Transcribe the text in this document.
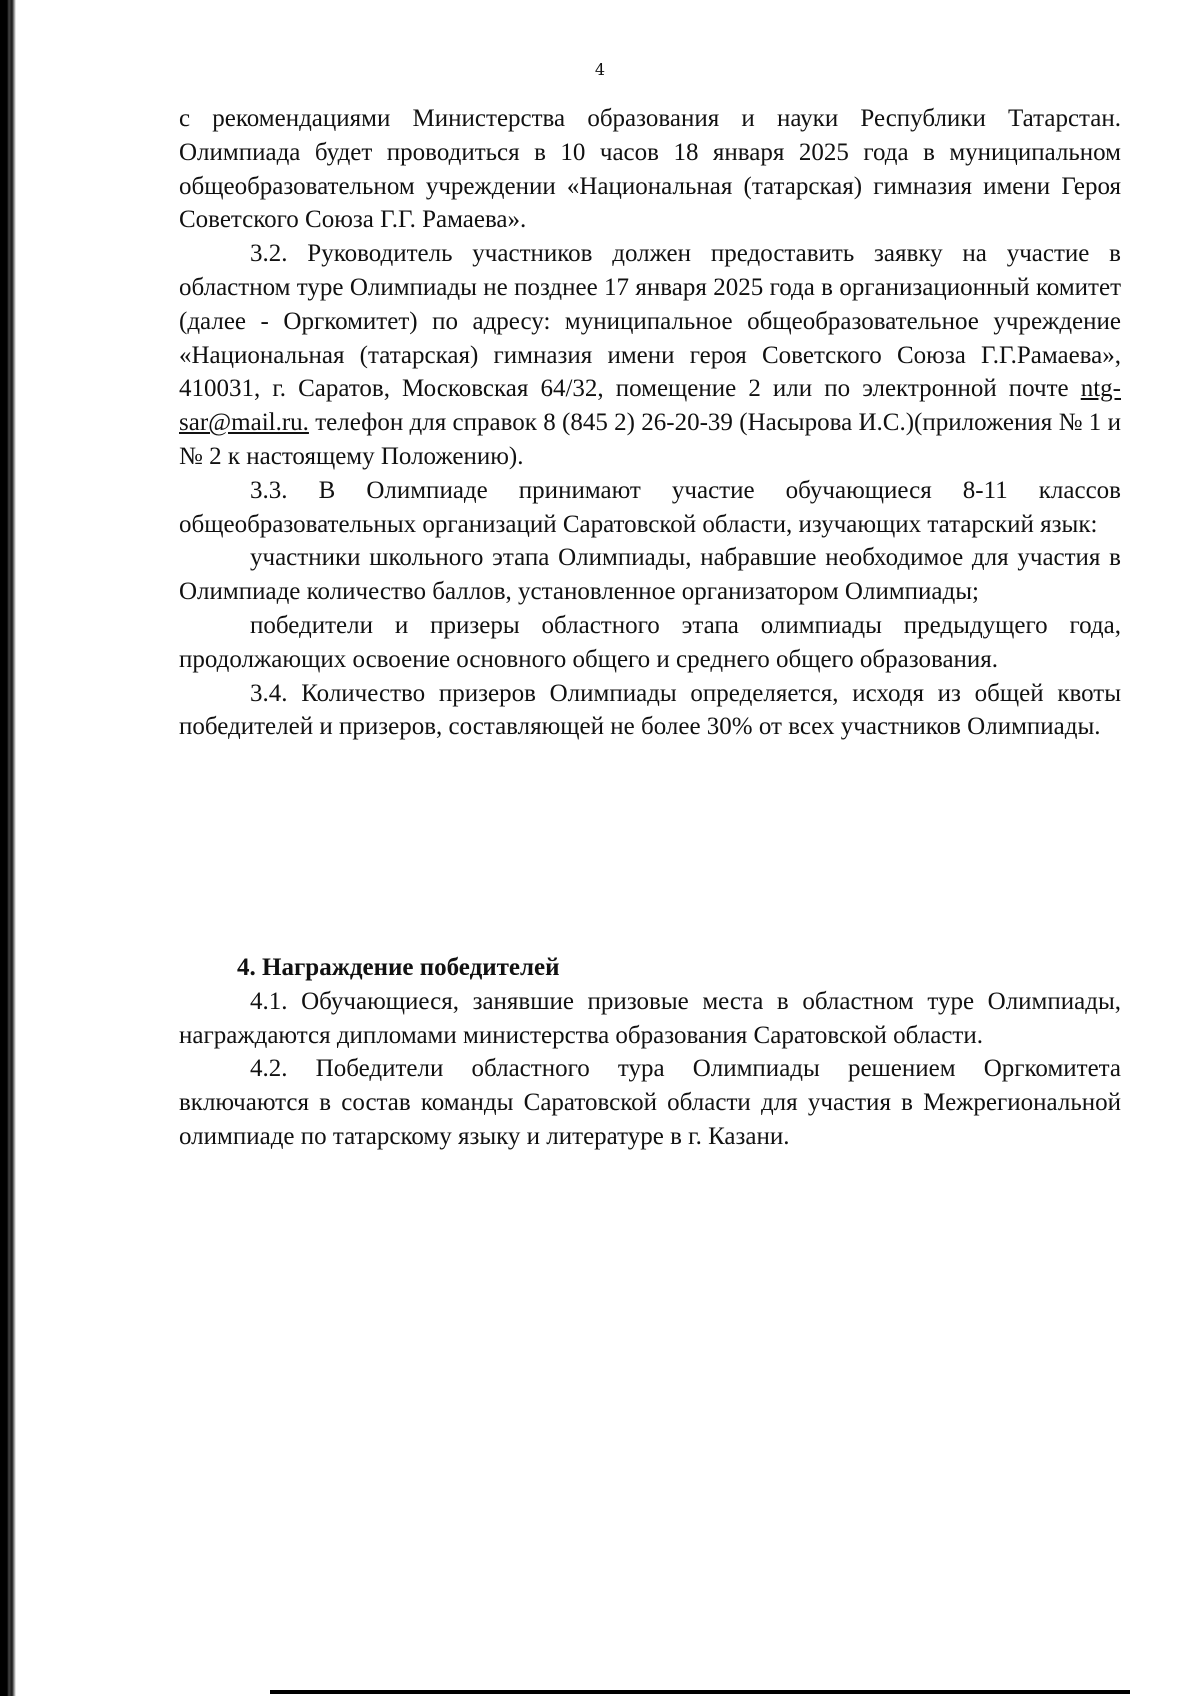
4

с рекомендациями Министерства образования и науки Республики Татарстан. Олимпиада будет проводиться в 10 часов 18 января 2025 года в муниципальном общеобразовательном учреждении «Национальная (татарская) гимназия имени Героя Советского Союза Г.Г. Рамаева».

3.2. Руководитель участников должен предоставить заявку на участие в областном туре Олимпиады не позднее 17 января 2025 года в организационный комитет (далее - Оргкомитет) по адресу: муниципальное общеобразовательное учреждение «Национальная (татарская) гимназия имени героя Советского Союза Г.Г.Рамаева», 410031, г. Саратов, Московская 64/32, помещение 2 или по электронной почте ntg-sar@mail.ru. телефон для справок 8 (845 2) 26-20-39 (Насырова И.С.)(приложения № 1 и № 2 к настоящему Положению).

3.3. В Олимпиаде принимают участие обучающиеся 8-11 классов общеобразовательных организаций Саратовской области, изучающих татарский язык:

участники школьного этапа Олимпиады, набравшие необходимое для участия в Олимпиаде количество баллов, установленное организатором Олимпиады;

победители и призеры областного этапа олимпиады предыдущего года, продолжающих освоение основного общего и среднего общего образования.

3.4. Количество призеров Олимпиады определяется, исходя из общей квоты победителей и призеров, составляющей не более 30% от всех участников Олимпиады.

4. Награждение победителей

4.1. Обучающиеся, занявшие призовые места в областном туре Олимпиады, награждаются дипломами министерства образования Саратовской области.

4.2. Победители областного тура Олимпиады решением Оргкомитета включаются в состав команды Саратовской области для участия в Межрегиональной олимпиаде по татарскому языку и литературе в г. Казани.
